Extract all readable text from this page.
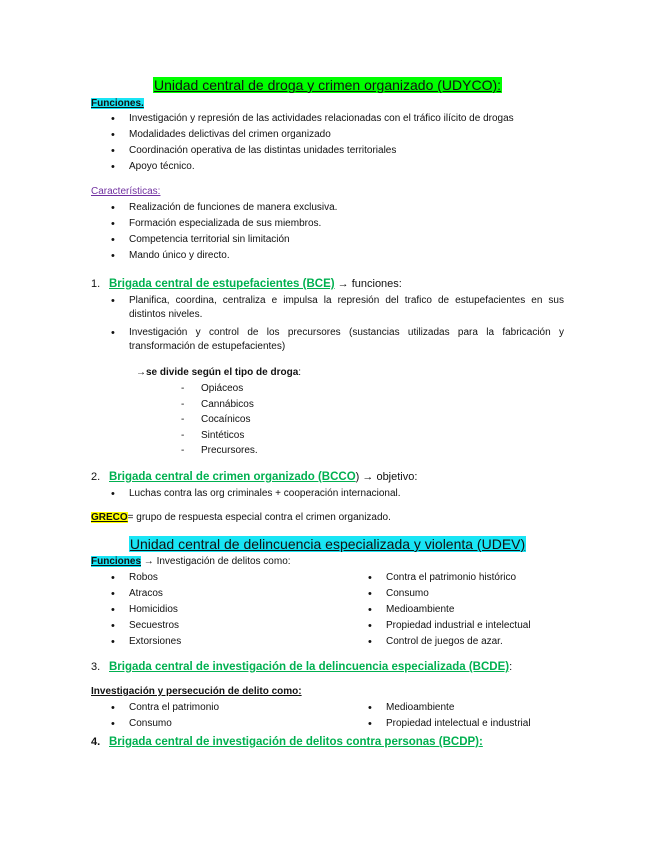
Unidad central de droga y crimen organizado (UDYCO):
Funciones.
• Investigación y represión de las actividades relacionadas con el tráfico ilícito de drogas
• Modalidades delictivas del crimen organizado
• Coordinación operativa de las distintas unidades territoriales
• Apoyo técnico.
Características:
• Realización de funciones de manera exclusiva.
• Formación especializada de sus miembros.
• Competencia territorial sin limitación
• Mando único y directo.
1. Brigada central de estupefacientes (BCE) → funciones:
• Planifica, coordina, centraliza e impulsa la represión del trafico de estupefacientes en sus distintos niveles.
• Investigación y control de los precursores (sustancias utilizadas para la fabricación y transformación de estupefacientes)
→se divide según el tipo de droga:
- Opiáceos
- Cannábicos
- Cocaínicos
- Sintéticos
- Precursores.
2. Brigada central de crimen organizado (BCCO) → objetivo:
• Luchas contra las org criminales + cooperación internacional.
GRECO= grupo de respuesta especial contra el crimen organizado.
Unidad central de delincuencia especializada y violenta (UDEV)
Funciones → Investigación de delitos como:
• Robos
• Atracos
• Homicidios
• Secuestros
• Extorsiones
• Contra el patrimonio histórico
• Consumo
• Medioambiente
• Propiedad industrial e intelectual
• Control de juegos de azar.
3. Brigada central de investigación de la delincuencia especializada (BCDE):
Investigación y persecución de delito como:
• Contra el patrimonio
• Consumo
• Medioambiente
• Propiedad intelectual e industrial
4. Brigada central de investigación de delitos contra personas (BCDP):
